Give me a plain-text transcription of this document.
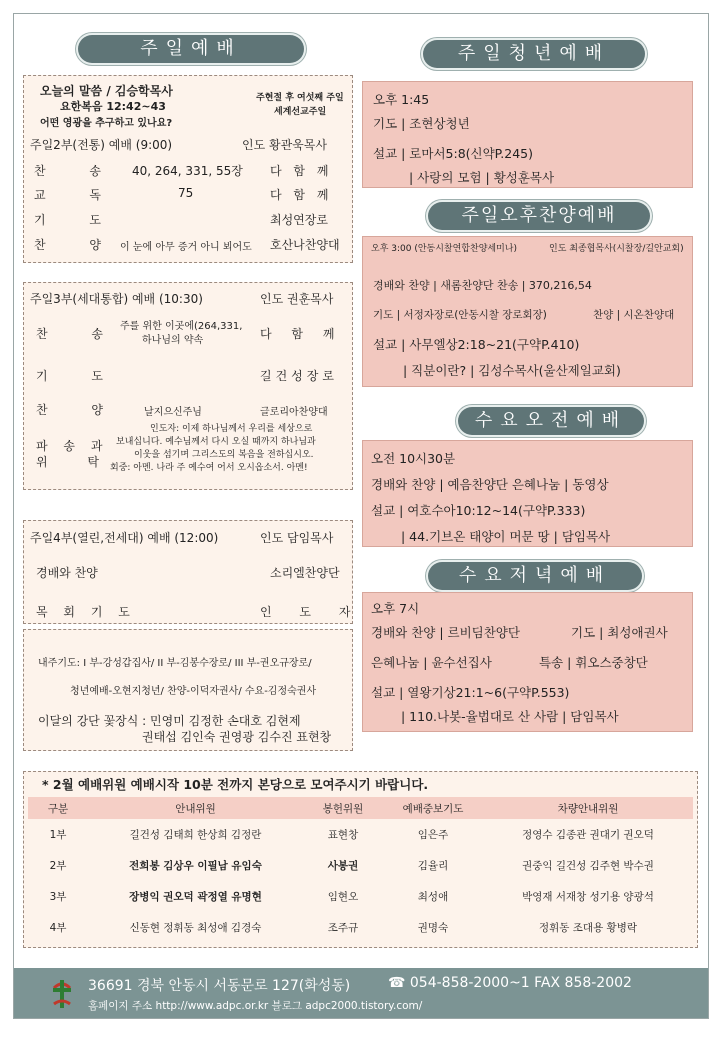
주일예배
오늘의 말씀 / 김승학목사
요한복음 12:42~43
어떤 영광을 추구하고 있나요?
주현절 후 여섯째 주일
세계선교주일
주일2부(전통) 예배 (9:00)	인도 황관욱목사
찬 송 40, 264, 331, 55장 다 함 께
교 독	75	다 함 께
기 도	최성연장로
찬 양 이 눈에 아무 증거 아니 뵈어도 호산나찬양대
주일3부(세대통합) 예배 (10:30)	인도 권훈목사
찬 송
주를 위한 이곳에(264,331,
하나님의 약속	다 함 께
기 도	길건성장로
찬 양 날지으신주님	글로리아찬양대
파 송 과
위 탁
인도자: 이제 하나님께서 우리를 세상으로
보내십니다. 예수님께서 다시 오실 때까지 하나님과
이웃을 섬기며 그리스도의 복음을 전하십시오.
회중: 아멘. 나라 주 예수여 어서 오시옵소서. 아멘!
주일4부(열린,전세대) 예배 (12:00)	인도 담임목사
경배와 찬양	소리엘찬양단
목 회 기 도	인 도 자
내주기도: I 부-강성갑집사/ II 부-김봉수장로/ III 부-권오규장로/
청년예배-오현지청년/ 찬양-이덕자권사/ 수요-김정숙권사
이달의 강단 꽃장식 : 민영미 김정한 손대호 김현제
권태섭 김인숙 권영광 김수진 표현창
주일청년예배
오후 1:45
기도 | 조현상청년
설교 | 로마서5:8(신약P.245)
| 사랑의 모험 | 황성훈목사
주일오후찬양예배
오후 3:00 (안동시찰연합찬양세미나)	인도 최종협목사(시찰장/길안교회)
경배와 찬양 | 새롬찬양단 찬송 | 370,216,54
기도 | 서정자장로(안동시찰 장로회장)	찬양 | 시온찬양대
설교 | 사무엘상2:18~21(구약P.410)
| 직분이란? | 김성수목사(울산제일교회)
수요오전예배
오전 10시30분
경배와 찬양 | 예음찬양단 은혜나눔 | 동영상
설교 | 여호수아10:12~14(구약P.333)
| 44.기브온 태양이 머문 땅 | 담임목사
수요저녁예배
오후 7시
경배와 찬양 | 르비딤찬양단	기도 | 최성애권사
은혜나눔 | 윤수선집사	특송 | 휘오스중창단
설교 | 열왕기상21:1~6(구약P.553)
| 110.나봇-율법대로 산 사람 | 담임목사
* 2월 예배위원 예배시작 10분 전까지 본당으로 모여주시기 바랍니다.
구분	안내위원	봉헌위원	예배중보기도	차량안내위원
1부	길건성 김태희 한상희 김정란	표현창	임은주	정영수 김종관 권대기 권오덕
2부	전희봉 김상우 이필남 유임숙	사봉권	김율리	권중익 길건성 김주현 박수권
3부	장병익 권오덕 곽정열 유명현	임현오	최성애	박영재 서재창 성기용 양광석
4부	신동현 정휘동 최성애 김경숙	조주규	권명숙	정휘동 조대용 황병락
36691 경북 안동시 서동문로 127(화성동)	☎ 054-858-2000~1 FAX 858-2002
홈페이지 주소 http://www.adpc.or.kr 블로그 adpc2000.tistory.com/
